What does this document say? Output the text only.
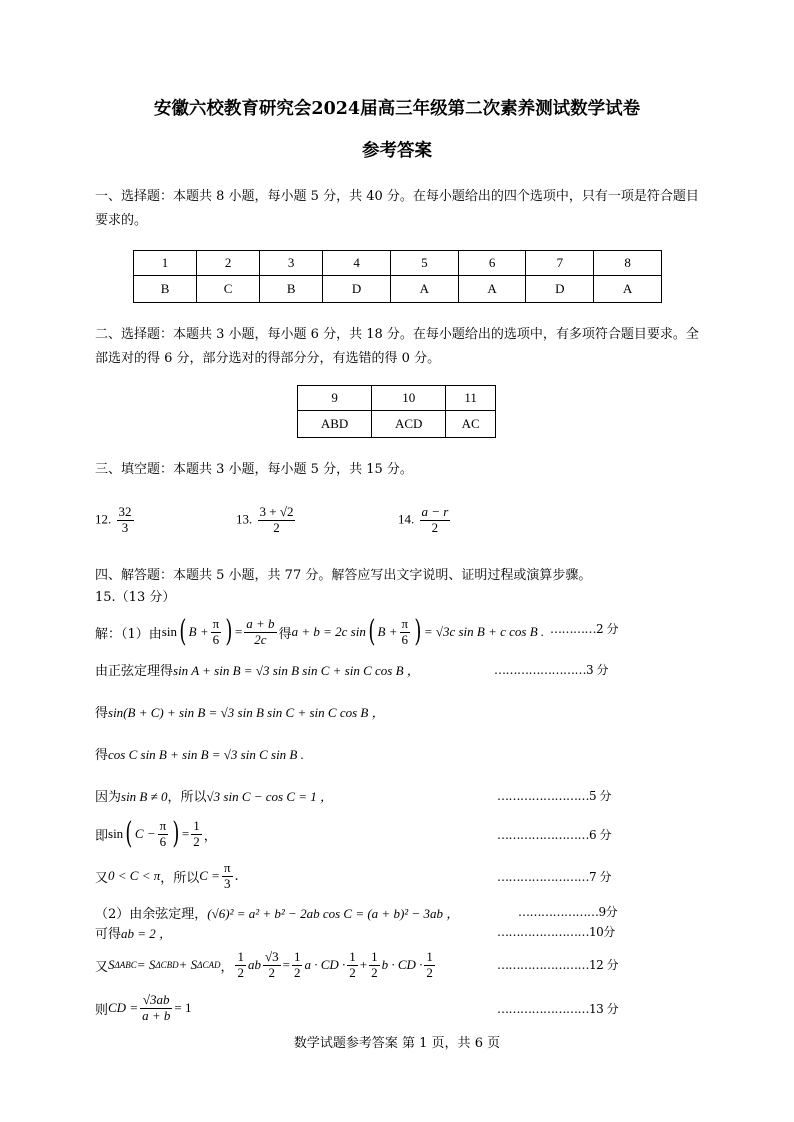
安徽六校教育研究会2024届高三年级第二次素养测试数学试卷
参考答案
一、选择题：本题共 8 小题，每小题 5 分，共 40 分。在每小题给出的四个选项中，只有一项是符合题目要求的。
1	2	3	4	5	6	7	8
B	C	B	D	A	A	D	A
二、选择题：本题共 3 小题，每小题 6 分，共 18 分。在每小题给出的选项中，有多项符合题目要求。全部选对的得 6 分，部分选对的得部分分，有选错的得 0 分。
9	10	11
ABD	ACD	AC
三、填空题：本题共 3 小题，每小题 5 分，共 15 分。
12. $\frac{32}{3}$	13. $\frac{3 + √2}{2}$	14. $\frac{a - r}{2}$
四、解答题：本题共 5 小题，共 77 分。解答应写出文字说明、证明过程或演算步骤。
15.（13 分）
解：（1）由 sin ( $B + \frac{\pi}{6}$ ) = $\frac{a + b}{2c}$ 得 a + b = 2c sin ( $B + \frac{\pi}{6}$ ) = √3c sin B + c cos B . …………2 分
由正弦定理得sin A + sin B = √3 sin B sin C + sin C cos B ，	……………………3 分
得sin(B + C) + sin B = √3 sin B sin C + sin C cos B ，
得cos C sin B + sin B = √3 sin C sin B .
因为sin B ≠ 0，所以√3 sin C − cos C = 1 ，	……………………5 分
即 sin ( $C - \frac{\pi}{6}$ ) = $\frac{1}{2}$ ，	……………………6 分
又 0 < C < π ，所以 $C = \frac{\pi}{3}$ .	……………………7 分
（2）由余弦定理，(√6)² = a² + b² − 2ab cos C = (a + b)² − 3ab ，	…………………9分
可得ab = 2 ，	……………………10分
又 S ΔABC = S ΔCBD + S ΔCAD ， $\frac{1}{2}$ ab $\frac{√3}{2} = \frac{1}{2}$ a · CD · $\frac{1}{2} + \frac{1}{2}$ b · CD · $\frac{1}{2}$	……………………12 分
则 CD = $\frac{√3ab}{a + b} = 1$	……………………13 分
数学试题参考答案 第 1 页，共 6 页
